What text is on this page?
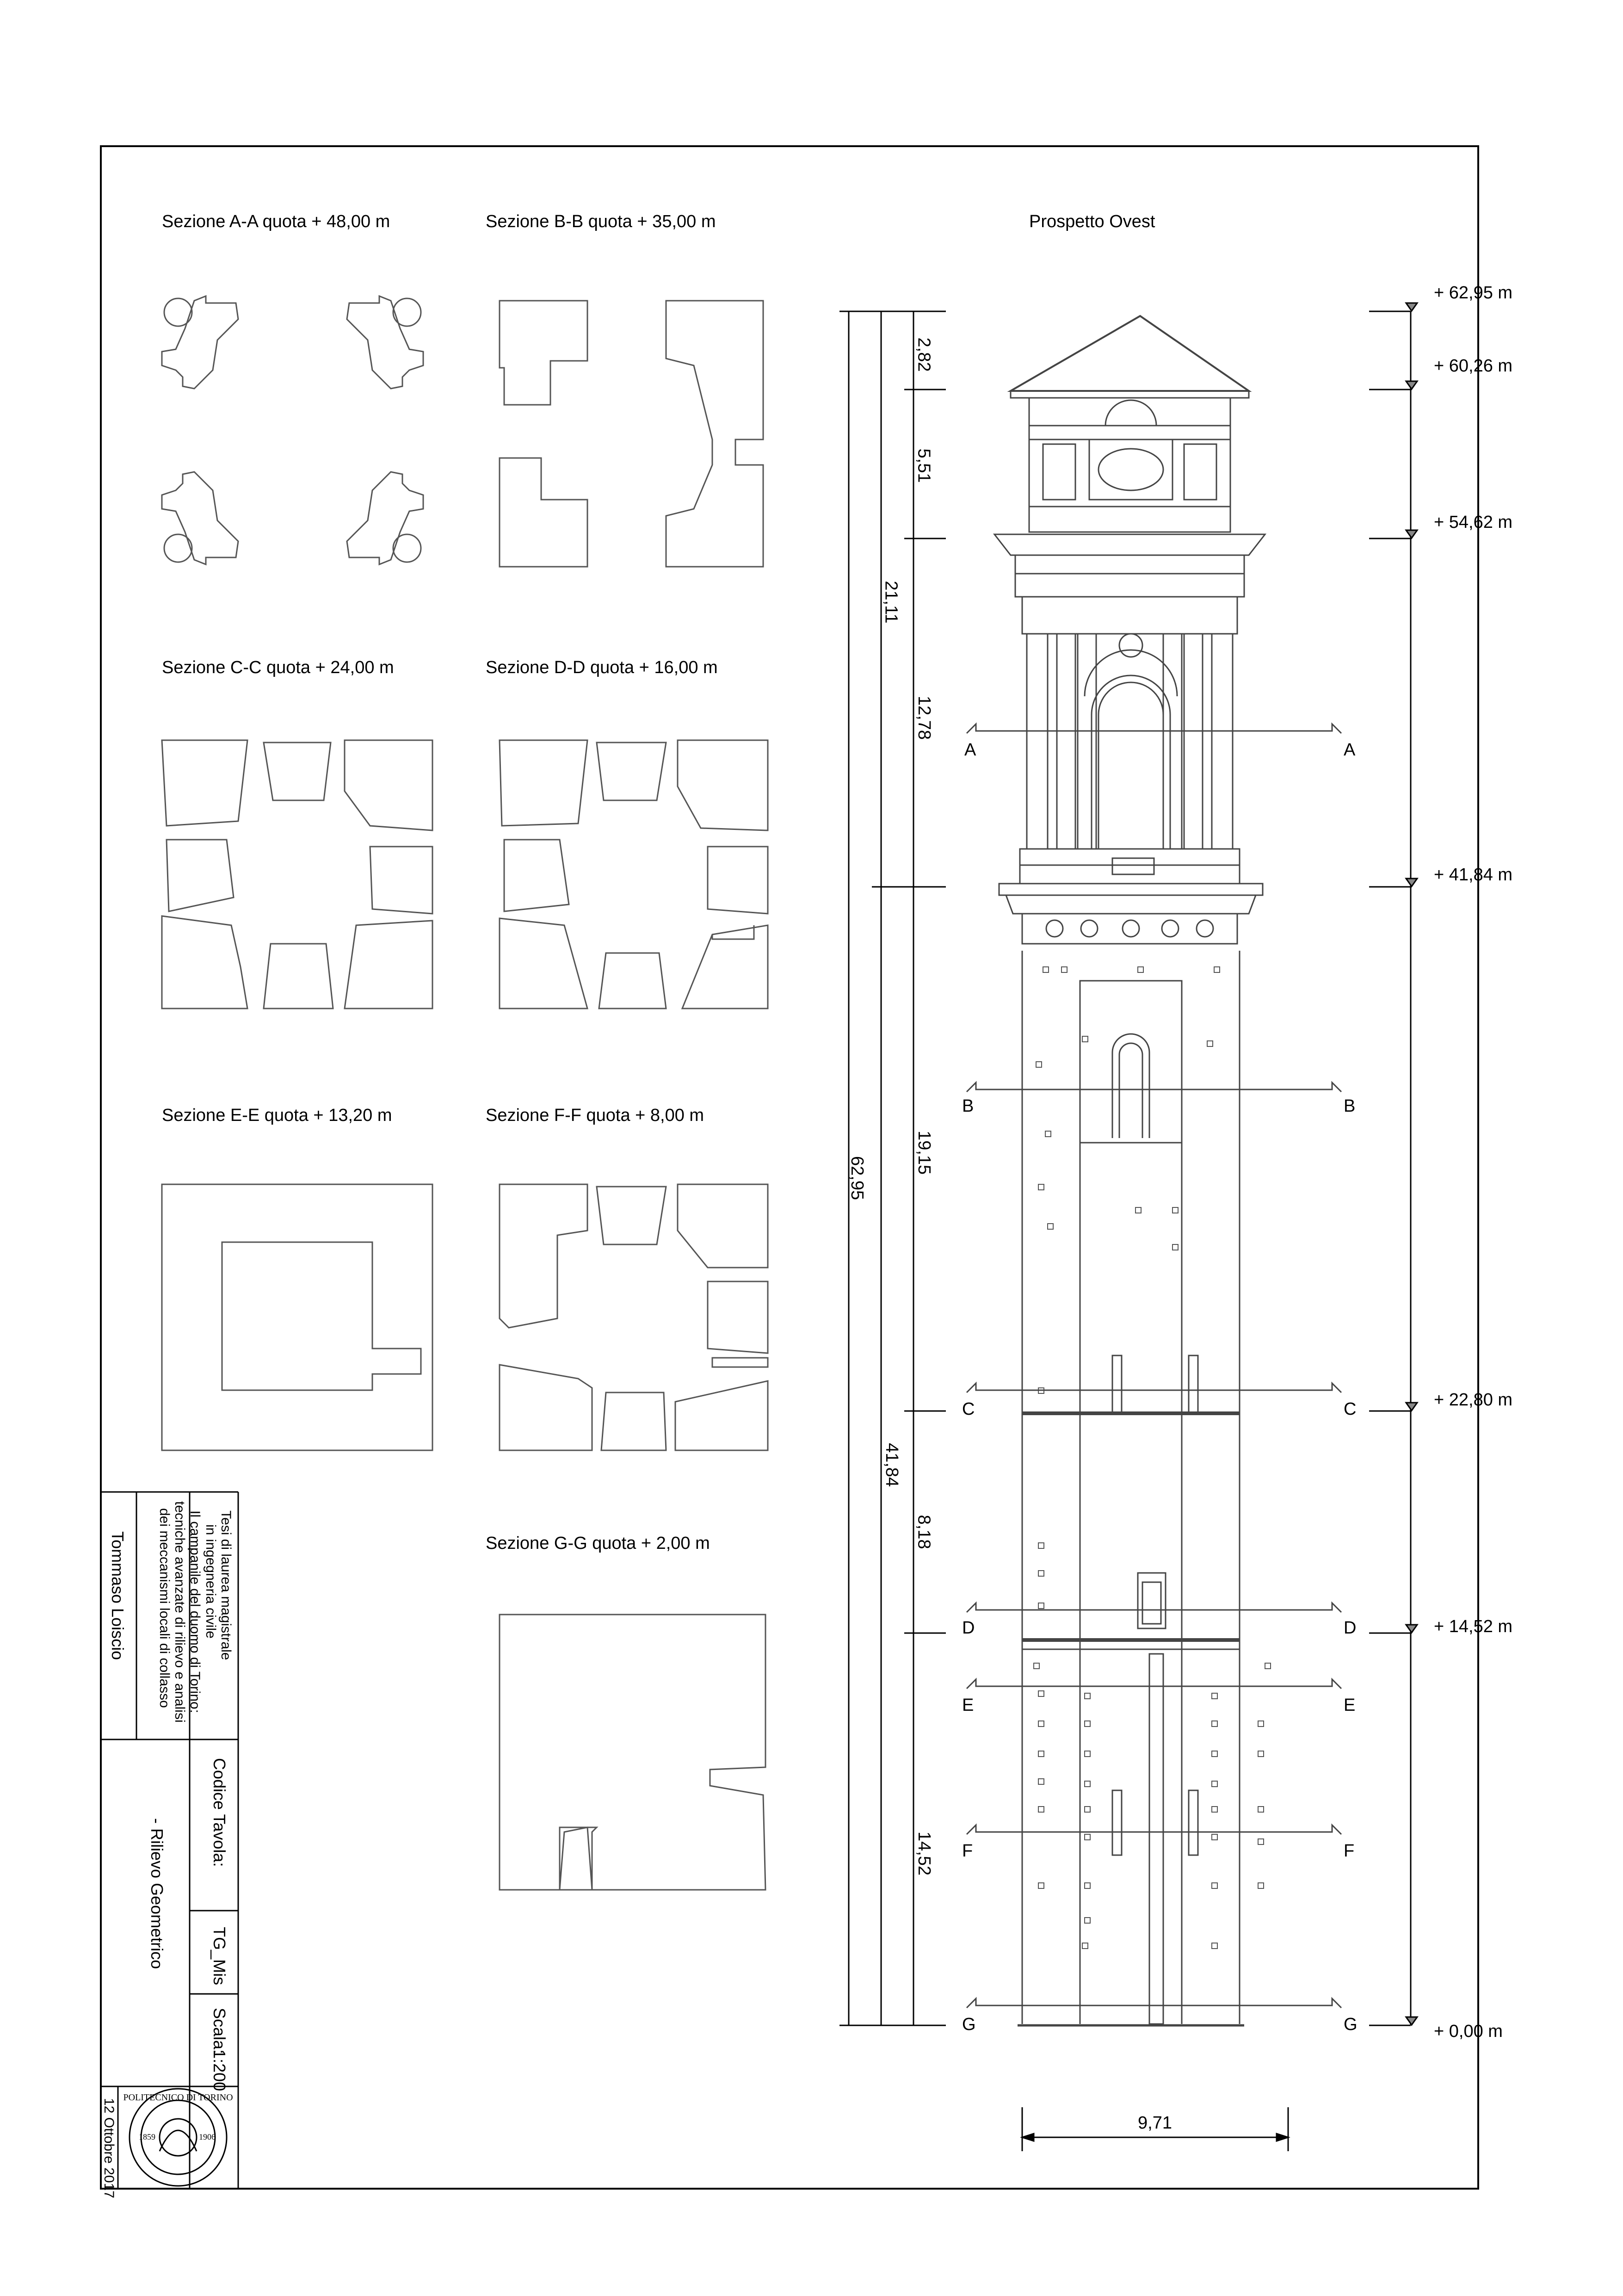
POLITECNICO DI TORINO
1859	1906
Sezione A-A quota + 48,00 m	Sezione B-B quota + 35,00 m
Sezione C-C quota + 24,00 m	Sezione D-D quota + 16,00 m
Sezione E-E quota + 13,20 m	Sezione F-F quota + 8,00 m
Sezione G-G quota + 2,00 m
Prospetto Ovest
+ 62,95 m
+ 60,26 m
+ 54,62 m
+ 41,84 m
+ 22,80 m
+ 14,52 m
+ 0,00 m
2,82
5,51
21,11
12,78
19,15
62,95
41,84
8,18
14,52
9,71
A
B
C
D
E
F
G
A
B
C
D
E
F
G
Tesi di laurea magistrale
in ingegneria civile
Il campanile del duomo di Torino:
tecniche avanzate di rilievo e analisi
dei meccanismi locali di collasso
Tommaso Loiscio
Codice Tavola:
TG_Mis
Scala:
1:200
- Rilievo Geometrico
12 Ottobre 2017
